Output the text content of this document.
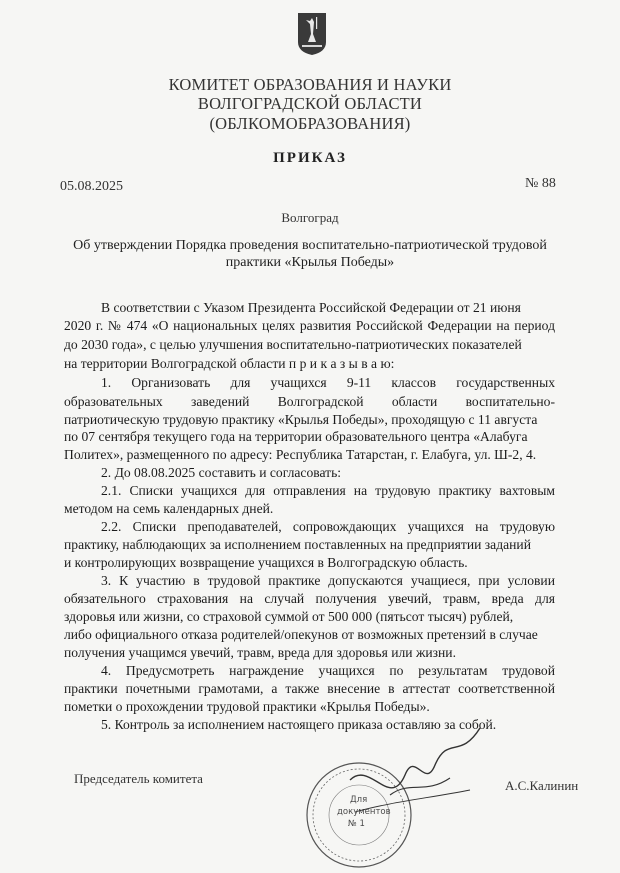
КОМИТЕТ ОБРАЗОВАНИЯ И НАУКИ
ВОЛГОГРАДСКОЙ ОБЛАСТИ
(ОБЛКОМОБРАЗОВАНИЯ)
ПРИКАЗ
05.08.2025	№ 88
Волгоград
Об утверждении Порядка проведения воспитательно-патриотической трудовой
практики «Крылья Победы»
В соответствии с Указом Президента Российской Федерации от 21 июня
2020 г. № 474 «О национальных целях развития Российской Федерации на период
до 2030 года», с целью улучшения воспитательно-патриотических показателей
на территории Волгоградской области п р и к а з ы в а ю:
1. Организовать для учащихся 9-11 классов государственных
образовательных заведений Волгоградской области воспитательно-
патриотическую трудовую практику «Крылья Победы», проходящую с 11 августа
по 07 сентября текущего года на территории образовательного центра «Алабуга
Политех», размещенного по адресу: Республика Татарстан, г. Елабуга, ул. Ш-2, 4.
2. До 08.08.2025 составить и согласовать:
2.1. Списки учащихся для отправления на трудовую практику вахтовым
методом на семь календарных дней.
2.2. Списки преподавателей, сопровождающих учащихся на трудовую
практику, наблюдающих за исполнением поставленных на предприятии заданий
и контролирующих возвращение учащихся в Волгоградскую область.
3. К участию в трудовой практике допускаются учащиеся, при условии
обязательного страхования на случай получения увечий, травм, вреда для
здоровья или жизни, со страховой суммой от 500 000 (пятьсот тысяч) рублей,
либо официального отказа родителей/опекунов от возможных претензий в случае
получения учащимся увечий, травм, вреда для здоровья или жизни.
4. Предусмотреть награждение учащихся по результатам трудовой
практики почетными грамотами, а также внесение в аттестат соответственной
пометки о прохождении трудовой практики «Крылья Победы».
5. Контроль за исполнением настоящего приказа оставляю за собой.
Председатель комитета
Для
документов
№ 1
А.С.Калинин
